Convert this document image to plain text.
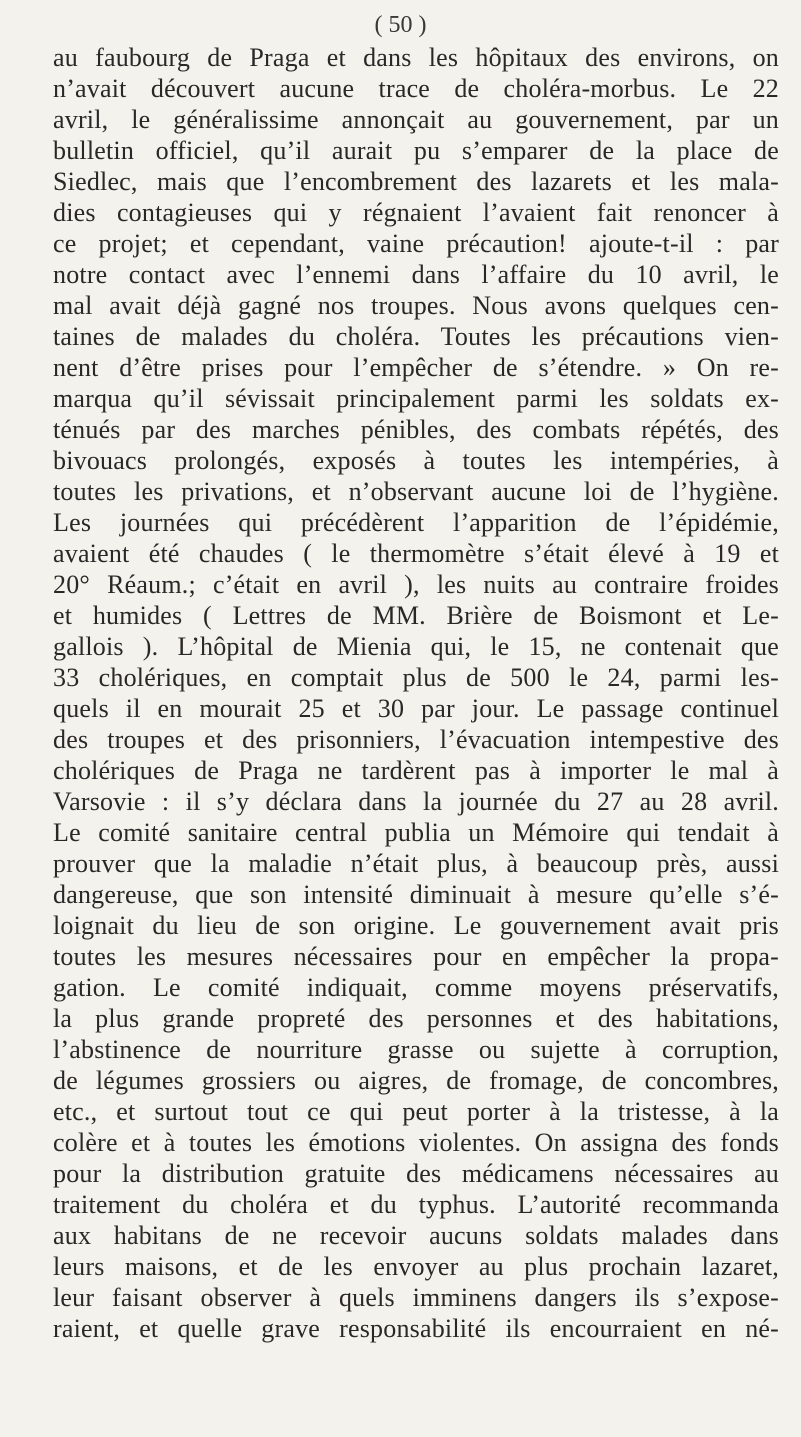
( 50 )
au faubourg de Praga et dans les hôpitaux des environs, on
n’avait découvert aucune trace de choléra-morbus. Le 22
avril, le généralissime annonçait au gouvernement, par un
bulletin officiel, qu’il aurait pu s’emparer de la place de
Siedlec, mais que l’encombrement des lazarets et les mala-
dies contagieuses qui y régnaient l’avaient fait renoncer à
ce projet; et cependant, vaine précaution! ajoute-t-il : par
notre contact avec l’ennemi dans l’affaire du 10 avril, le
mal avait déjà gagné nos troupes. Nous avons quelques cen-
taines de malades du choléra. Toutes les précautions vien-
nent d’être prises pour l’empêcher de s’étendre. » On re-
marqua qu’il sévissait principalement parmi les soldats ex-
ténués par des marches pénibles, des combats répétés, des
bivouacs prolongés, exposés à toutes les intempéries, à
toutes les privations, et n’observant aucune loi de l’hygiène.
Les journées qui précédèrent l’apparition de l’épidémie,
avaient été chaudes ( le thermomètre s’était élevé à 19 et
20° Réaum.; c’était en avril ), les nuits au contraire froides
et humides ( Lettres de MM. Brière de Boismont et Le-
gallois ). L’hôpital de Mienia qui, le 15, ne contenait que
33 cholériques, en comptait plus de 500 le 24, parmi les-
quels il en mourait 25 et 30 par jour. Le passage continuel
des troupes et des prisonniers, l’évacuation intempestive des
cholériques de Praga ne tardèrent pas à importer le mal à
Varsovie : il s’y déclara dans la journée du 27 au 28 avril.
Le comité sanitaire central publia un Mémoire qui tendait à
prouver que la maladie n’était plus, à beaucoup près, aussi
dangereuse, que son intensité diminuait à mesure qu’elle s’é-
loignait du lieu de son origine. Le gouvernement avait pris
toutes les mesures nécessaires pour en empêcher la propa-
gation. Le comité indiquait, comme moyens préservatifs,
la plus grande propreté des personnes et des habitations,
l’abstinence de nourriture grasse ou sujette à corruption,
de légumes grossiers ou aigres, de fromage, de concombres,
etc., et surtout tout ce qui peut porter à la tristesse, à la
colère et à toutes les émotions violentes. On assigna des fonds
pour la distribution gratuite des médicamens nécessaires au
traitement du choléra et du typhus. L’autorité recommanda
aux habitans de ne recevoir aucuns soldats malades dans
leurs maisons, et de les envoyer au plus prochain lazaret,
leur faisant observer à quels imminens dangers ils s’expose-
raient, et quelle grave responsabilité ils encourraient en né-
